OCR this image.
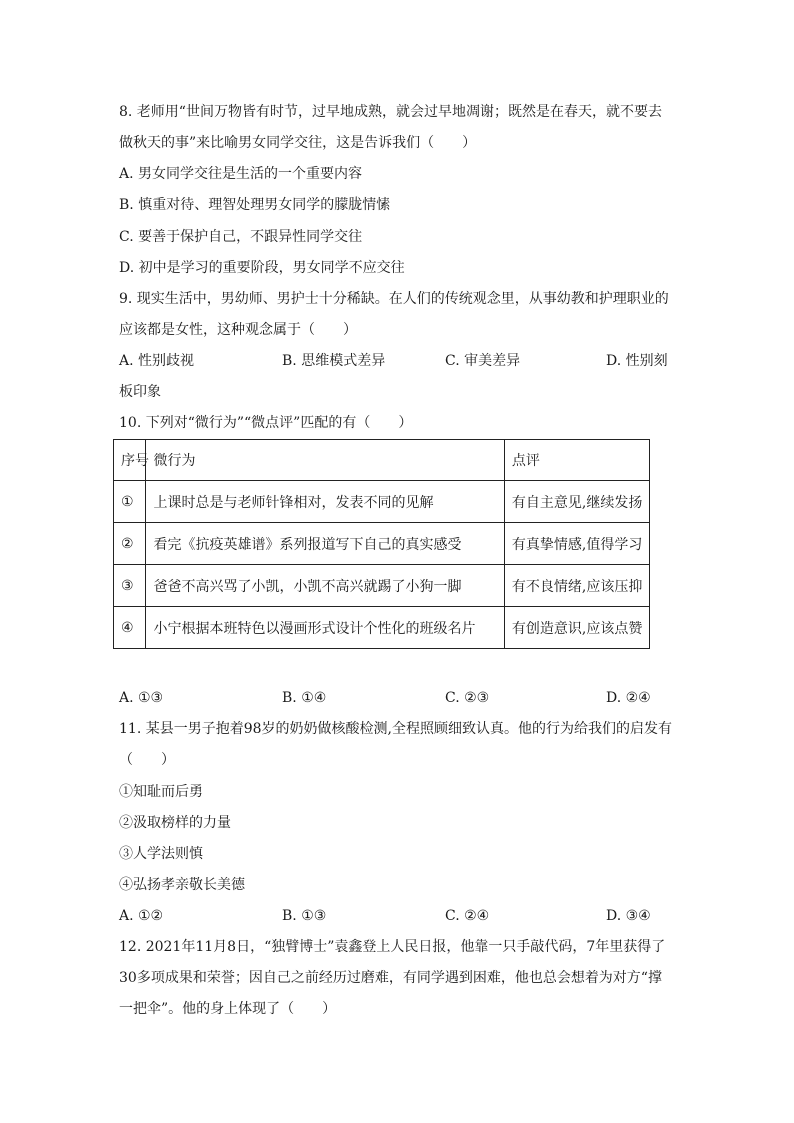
8. 老师用“世间万物皆有时节，过早地成熟，就会过早地凋谢；既然是在春天，就不要去
做秋天的事”来比喻男女同学交往，这是告诉我们（　　）
A. 男女同学交往是生活的一个重要内容
B. 慎重对待、理智处理男女同学的朦胧情愫
C. 要善于保护自己，不跟异性同学交往
D. 初中是学习的重要阶段，男女同学不应交往
9. 现实生活中，男幼师、男护士十分稀缺。在人们的传统观念里，从事幼教和护理职业的
应该都是女性，这种观念属于（　　）
A. 性别歧视	B. 思维模式差异	C. 审美差异	D. 性别刻
板印象
10. 下列对“微行为”“微点评”匹配的有（　　）
序号	微行为	点评
①	上课时总是与老师针锋相对，发表不同的见解	有自主意见,继续发扬
②	看完《抗疫英雄谱》系列报道写下自己的真实感受	有真挚情感,值得学习
③	爸爸不高兴骂了小凯，小凯不高兴就踢了小狗一脚	有不良情绪,应该压抑
④	小宁根据本班特色以漫画形式设计个性化的班级名片	有创造意识,应该点赞
A. ①③	B. ①④	C. ②③	D. ②④
11. 某县一男子抱着98岁的奶奶做核酸检测,全程照顾细致认真。他的行为给我们的启发有
（　　）
①知耻而后勇
②汲取榜样的力量
③人学法则慎
④弘扬孝亲敬长美德
A. ①②	B. ①③	C. ②④	D. ③④
12. 2021年11月8日，“独臂博士”袁鑫登上人民日报，他靠一只手敲代码，7年里获得了
30多项成果和荣誉；因自己之前经历过磨难，有同学遇到困难，他也总会想着为对方“撑
一把伞”。他的身上体现了（　　）
